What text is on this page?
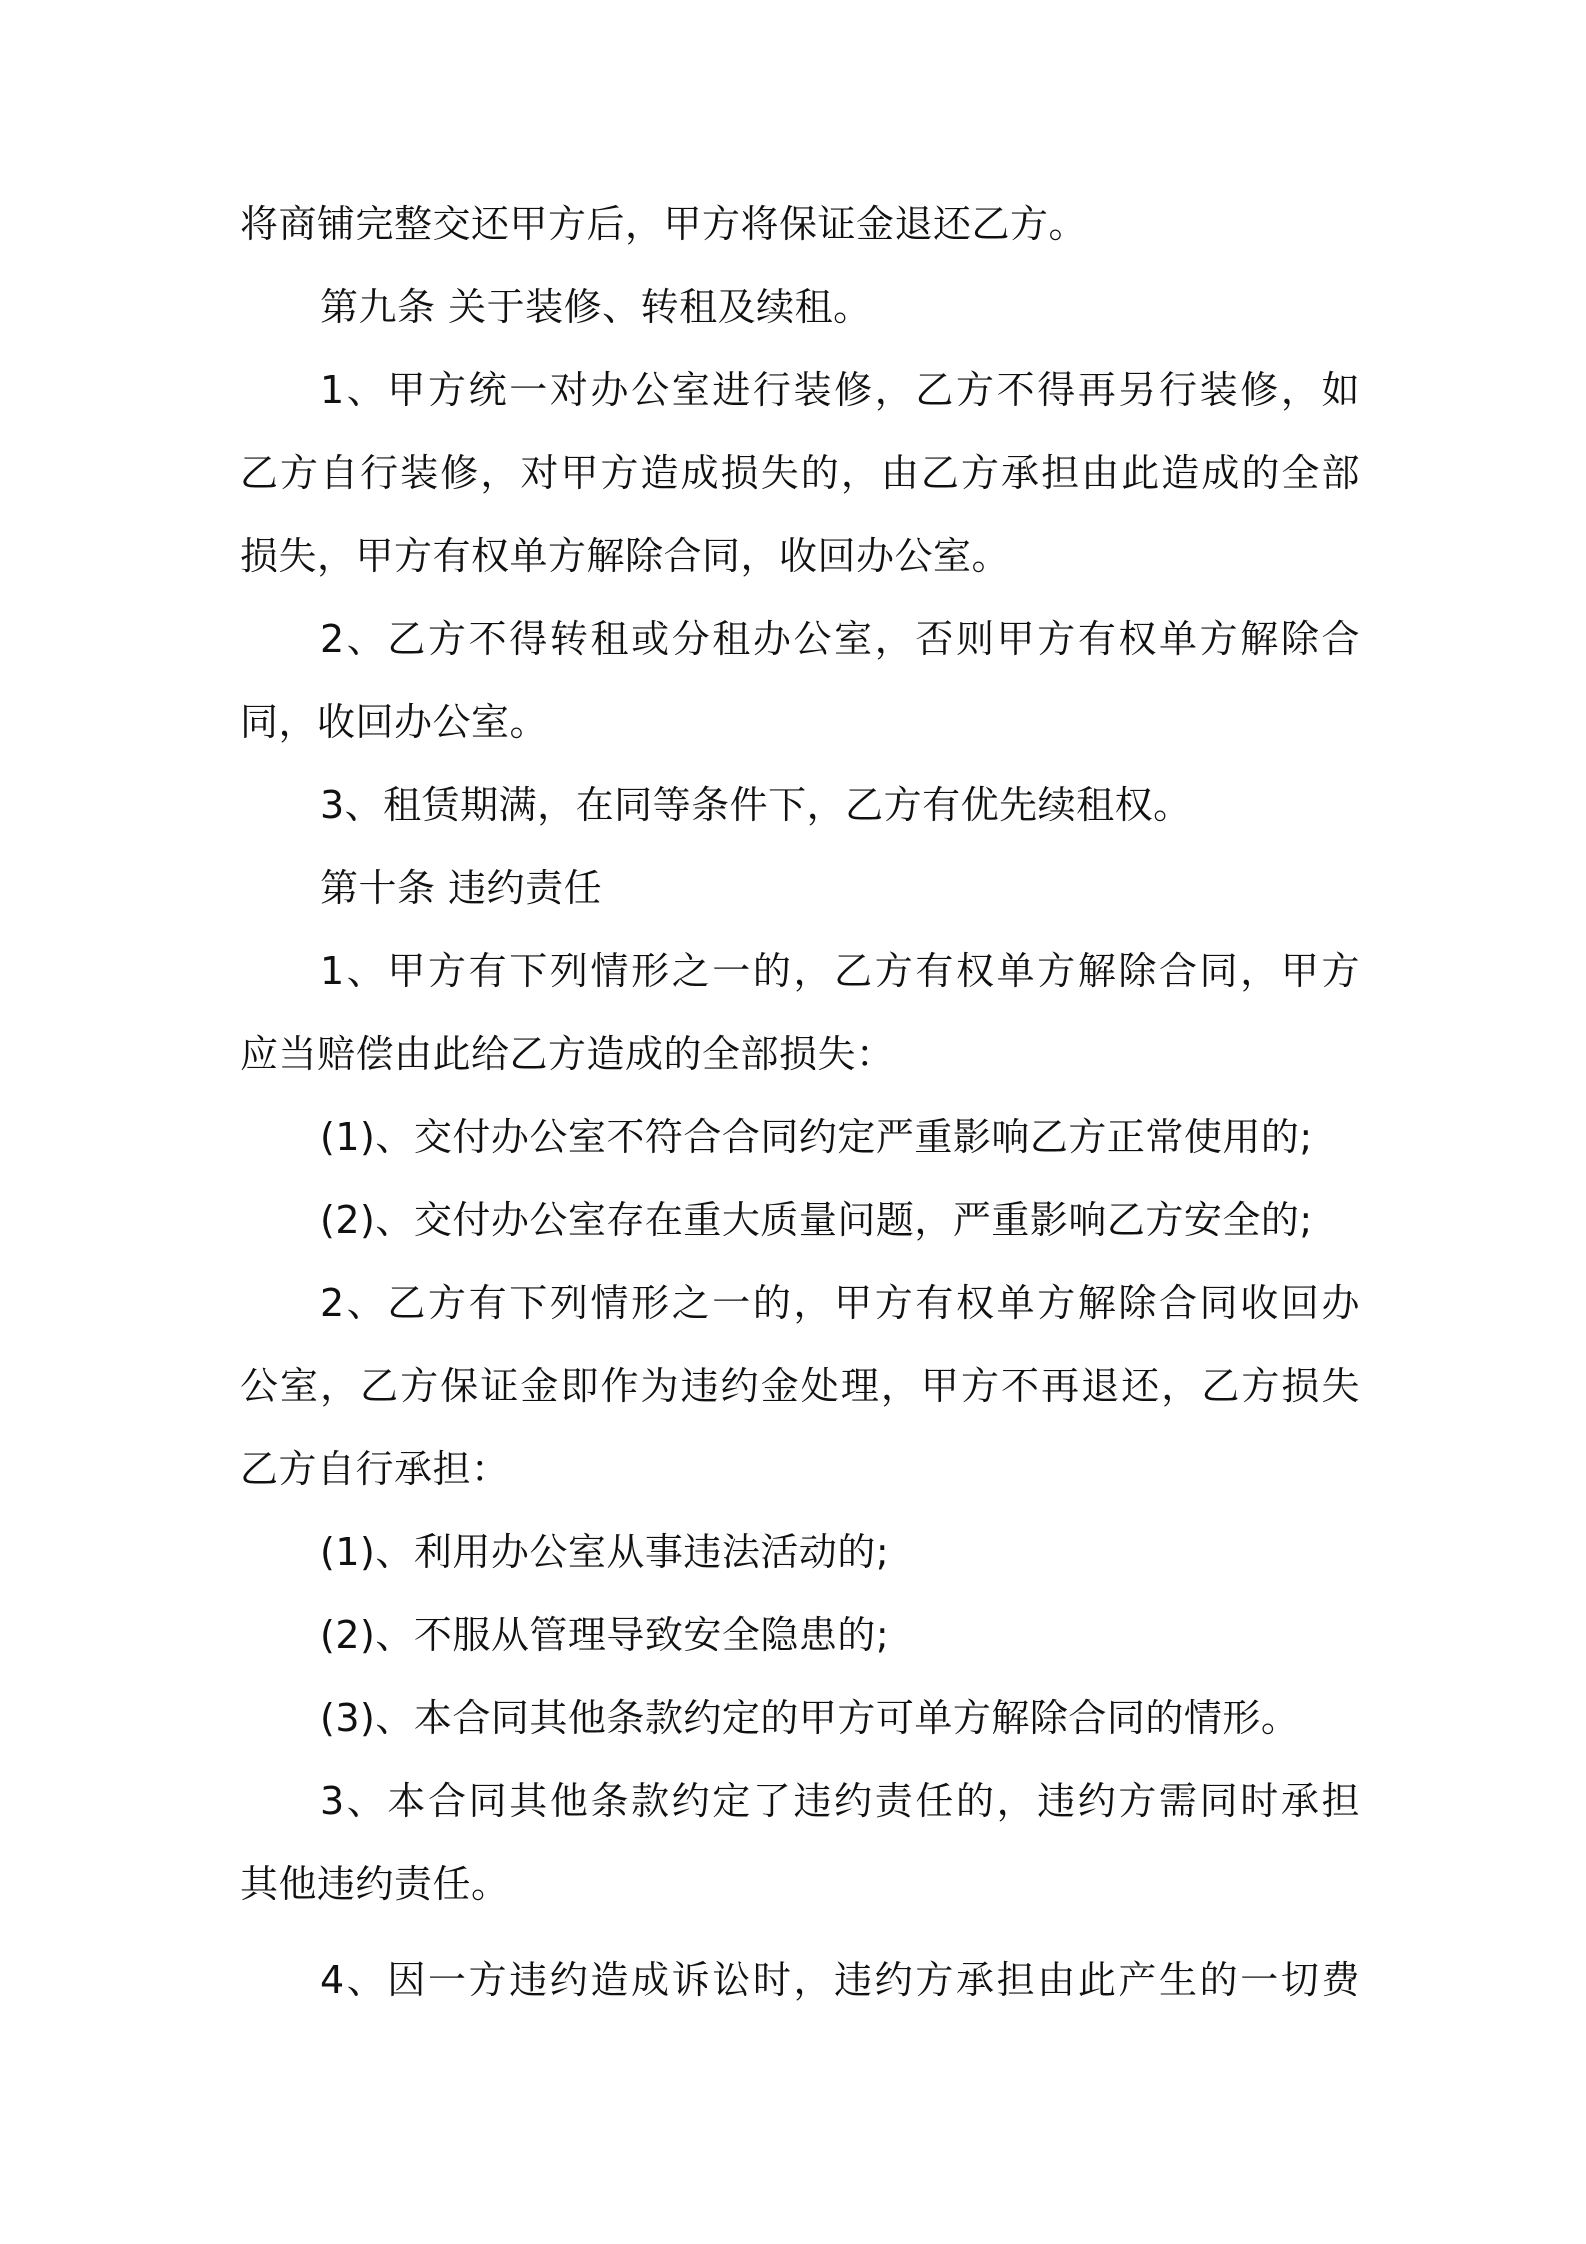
将商铺完整交还甲方后，甲方将保证金退还乙方。
第九条 关于装修、转租及续租。
1、甲方统一对办公室进行装修，乙方不得再另行装修，如
乙方自行装修，对甲方造成损失的，由乙方承担由此造成的全部
损失，甲方有权单方解除合同，收回办公室。
2、乙方不得转租或分租办公室，否则甲方有权单方解除合
同，收回办公室。
3、租赁期满，在同等条件下，乙方有优先续租权。
第十条 违约责任
1、甲方有下列情形之一的，乙方有权单方解除合同，甲方
应当赔偿由此给乙方造成的全部损失：
(1)、交付办公室不符合合同约定严重影响乙方正常使用的;
(2)、交付办公室存在重大质量问题，严重影响乙方安全的;
2、乙方有下列情形之一的，甲方有权单方解除合同收回办
公室，乙方保证金即作为违约金处理，甲方不再退还，乙方损失
乙方自行承担：
(1)、利用办公室从事违法活动的;
(2)、不服从管理导致安全隐患的;
(3)、本合同其他条款约定的甲方可单方解除合同的情形。
3、本合同其他条款约定了违约责任的，违约方需同时承担
其他违约责任。
4、因一方违约造成诉讼时，违约方承担由此产生的一切费
